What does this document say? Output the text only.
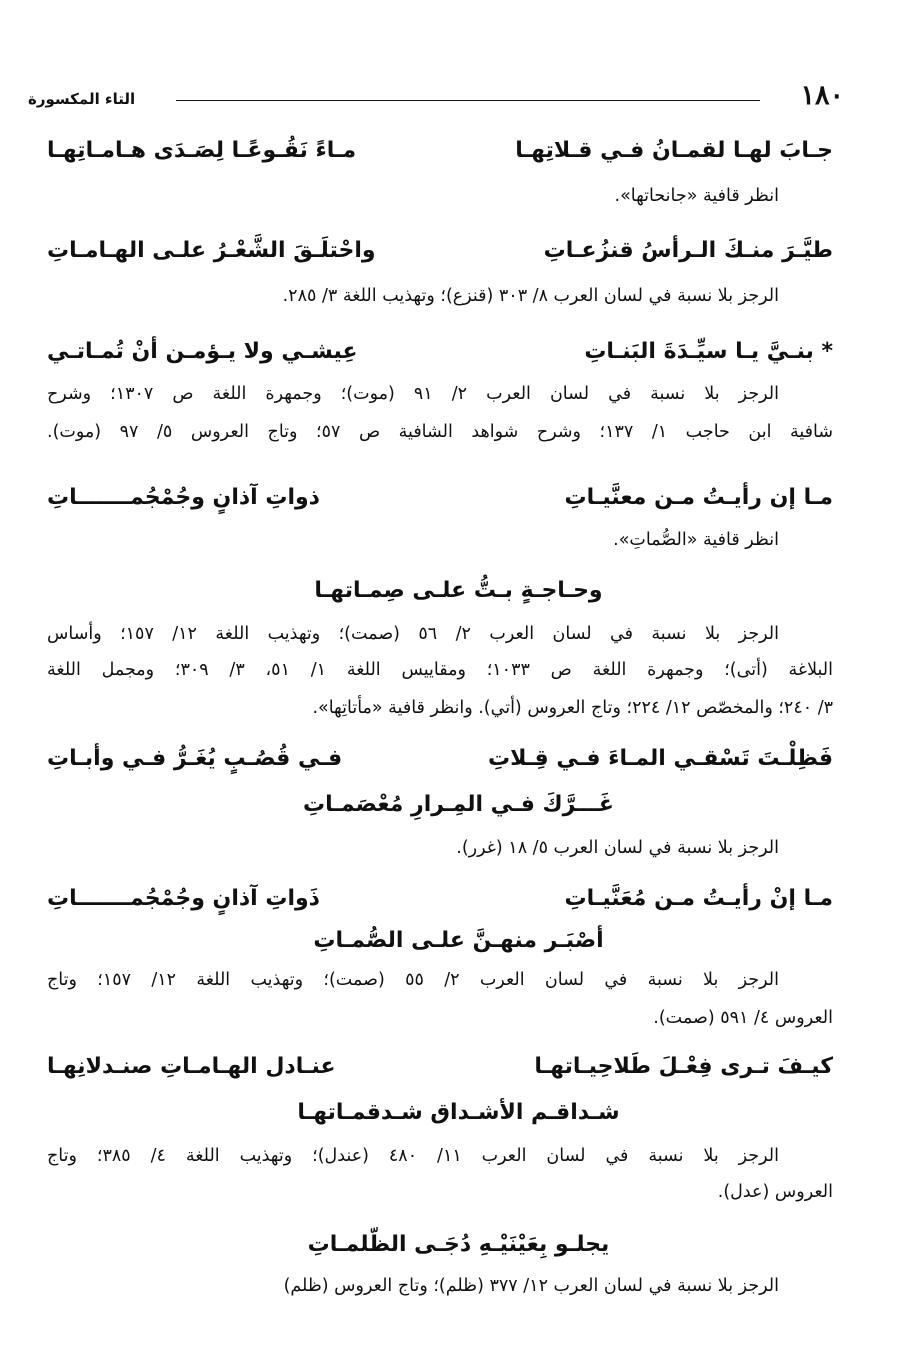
١٨٠
التاء المكسورة
جـابَ لهـا لقمـانُ فـي قـلاتِهـا
مـاءً نَقُـوعًـا لِصَـدَى هـامـاتِهـا
انظر قافية «جانحاتها».
طيَّـرَ منـكَ الـرأسُ قنزُعـاتِ
واحْتلَـقَ الشَّعْـرُ علـى الهـامـاتِ
الرجز بلا نسبة في لسان العرب ٨/ ٣٠٣ (قنزع)؛ وتهذيب اللغة ٣/ ٢٨٥.
* بنـيَّ يـا سيِّـدَةَ البَنـاتِ
عِيشـي ولا يـؤمـن أنْ تُمـاتـي
الرجز بلا نسبة في لسان العرب ٢/ ٩١ (موت)؛ وجمهرة اللغة ص ١٣٠٧؛ وشرح
شافية ابن حاجب ١/ ١٣٧؛ وشرح شواهد الشافية ص ٥٧؛ وتاج العروس ٥/ ٩٧ (موت).
مـا إن رأيـتُ مـن معنَّيـاتِ
ذواتِ آذانٍ وجُمْجُمـــــــاتِ
انظر قافية «الصُّماتِ».
وحـاجـةٍ بـتُّ علـى صِمـاتهـا
الرجز بلا نسبة في لسان العرب ٢/ ٥٦ (صمت)؛ وتهذيب اللغة ١٢/ ١٥٧؛ وأساس
البلاغة (أتى)؛ وجمهرة اللغة ص ١٠٣٣؛ ومقاييس اللغة ١/ ٥١، ٣/ ٣٠٩؛ ومجمل اللغة
٣/ ٢٤٠؛ والمخصّص ١٢/ ٢٢٤؛ وتاج العروس (أتي). وانظر قافية «مأتاتِها».
فَظِلْـتَ تَسْقـي المـاءَ فـي قِـلاتِ
فـي قُصُـبٍ يُغَـرُّ فـي وأبـاتِ
غَـــرَّكَ فـي المِـرارِ مُعْصَمـاتِ
الرجز بلا نسبة في لسان العرب ٥/ ١٨ (غرر).
مـا إنْ رأيـتُ مـن مُعَنَّيـاتِ
ذَواتِ آذانٍ وجُمْجُمـــــــاتِ
أصْبَـر منهـنَّ علـى الصُّمـاتِ
الرجز بلا نسبة في لسان العرب ٢/ ٥٥ (صمت)؛ وتهذيب اللغة ١٢/ ١٥٧؛ وتاج
العروس ٤/ ٥٩١ (صمت).
كيـفَ تـرى فِعْـلَ طَلاحِيـاتهـا
عنـادل الهـامـاتِ صنـدلانِهـا
شـداقـم الأشـداق شـدقمـاتهـا
الرجز بلا نسبة في لسان العرب ١١/ ٤٨٠ (عندل)؛ وتهذيب اللغة ٤/ ٣٨٥؛ وتاج
العروس (عدل).
يجلـو بِعَيْنَيْـهِ دُجَـى الظّلمـاتِ
الرجز بلا نسبة في لسان العرب ١٢/ ٣٧٧ (ظلم)؛ وتاج العروس (ظلم)
